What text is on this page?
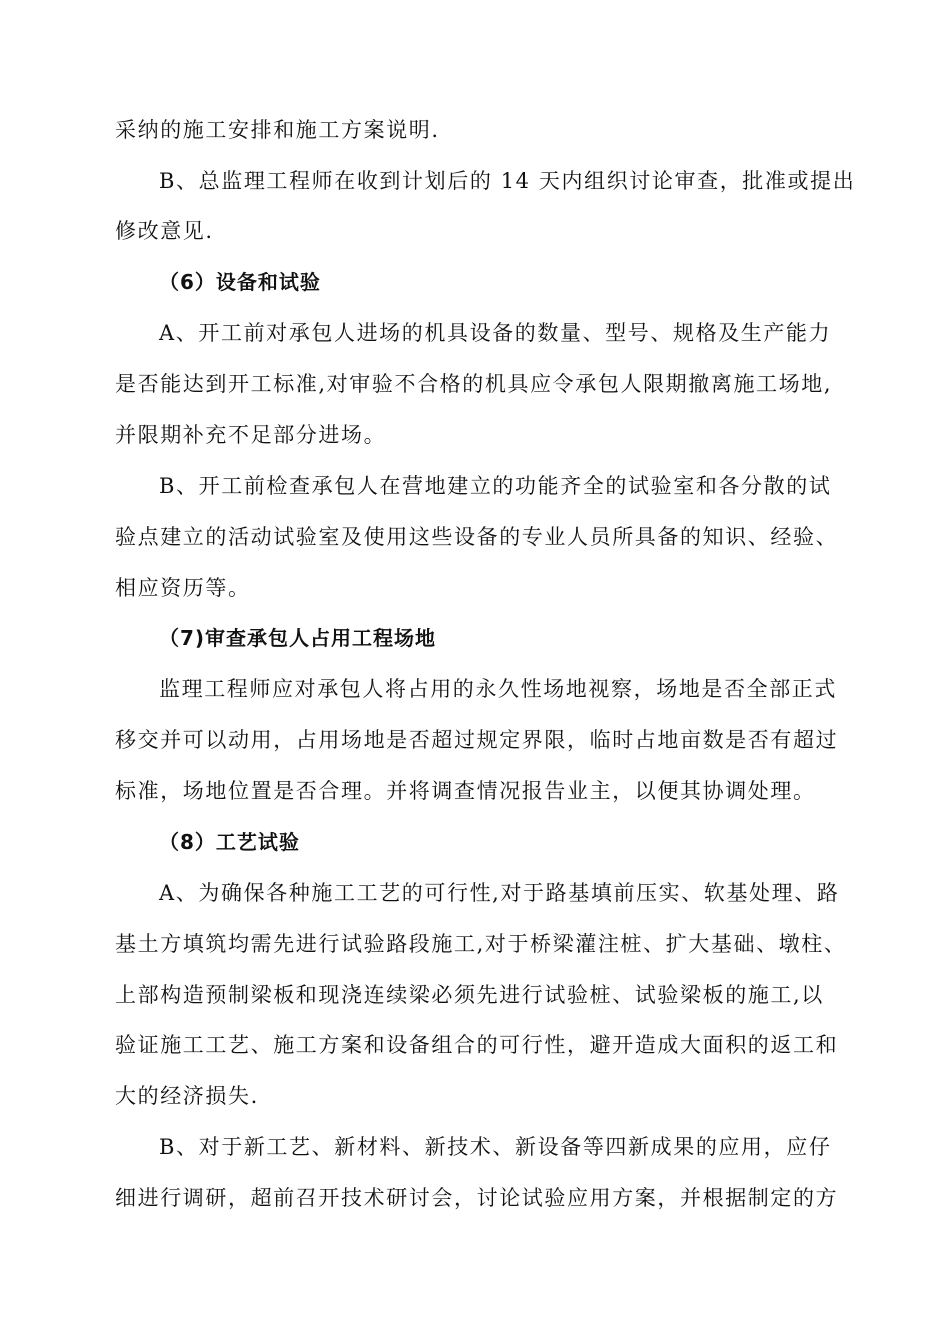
采纳的施工安排和施工方案说明.
B、总监理工程师在收到计划后的 14 天内组织讨论审查，批准或提出
修改意见.
（6）设备和试验
A、开工前对承包人进场的机具设备的数量、型号、规格及生产能力
是否能达到开工标准,对审验不合格的机具应令承包人限期撤离施工场地,
并限期补充不足部分进场。
B、开工前检查承包人在营地建立的功能齐全的试验室和各分散的试
验点建立的活动试验室及使用这些设备的专业人员所具备的知识、经验、
相应资历等。
（7)审查承包人占用工程场地
监理工程师应对承包人将占用的永久性场地视察，场地是否全部正式
移交并可以动用，占用场地是否超过规定界限，临时占地亩数是否有超过
标准，场地位置是否合理。并将调查情况报告业主，以便其协调处理。
（8）工艺试验
A、为确保各种施工工艺的可行性,对于路基填前压实、软基处理、路
基土方填筑均需先进行试验路段施工,对于桥梁灌注桩、扩大基础、墩柱、
上部构造预制梁板和现浇连续梁必须先进行试验桩、试验梁板的施工,以
验证施工工艺、施工方案和设备组合的可行性，避开造成大面积的返工和
大的经济损失.
B、对于新工艺、新材料、新技术、新设备等四新成果的应用，应仔
细进行调研，超前召开技术研讨会，讨论试验应用方案，并根据制定的方
